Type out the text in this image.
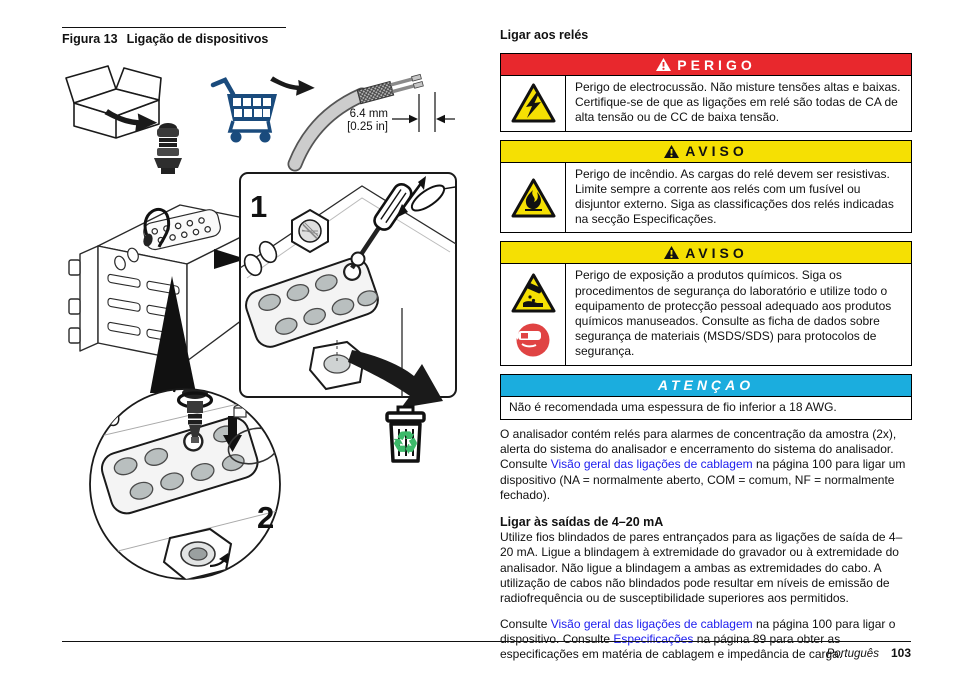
Figura 13 Ligação de dispositivos
6.4 mm
[0.25 in]
1
2
♻
Ligar aos relés
PERIGO
Perigo de electrocussão. Não misture tensões altas e baixas. Certifique-se de que as ligações em relé são todas de CA de alta tensão ou de CC de baixa tensão.
AVISO
Perigo de incêndio. As cargas do relé devem ser resistivas. Limite sempre a corrente aos relés com um fusível ou disjuntor externo. Siga as classificações dos relés indicadas na secção Especificações.
AVISO
Perigo de exposição a produtos químicos. Siga os procedimentos de segurança do laboratório e utilize todo o equipamento de protecção pessoal adequado aos produtos químicos manuseados. Consulte as ficha de dados sobre segurança de materiais (MSDS/SDS) para protocolos de segurança.
ATENÇAO
Não é recomendada uma espessura de fio inferior a 18 AWG.

O analisador contém relés para alarmes de concentração da amostra (2x), alerta do sistema do analisador e encerramento do sistema do analisador. Consulte Visão geral das ligações de cablagem na página 100 para ligar um dispositivo (NA = normalmente aberto, COM = comum, NF = normalmente fechado).

Ligar às saídas de 4–20 mA

Utilize fios blindados de pares entrançados para as ligações de saída de 4–20 mA. Ligue a blindagem à extremidade do gravador ou à extremidade do analisador. Não ligue a blindagem a ambas as extremidades do cabo. A utilização de cabos não blindados pode resultar em níveis de emissão de radiofrequência ou de susceptibilidade superiores aos permitidos.

Consulte Visão geral das ligações de cablagem na página 100 para ligar o dispositivo. Consulte Especificações na página 89 para obter as especificações em matéria de cablagem e impedância de carga.

Português 103
